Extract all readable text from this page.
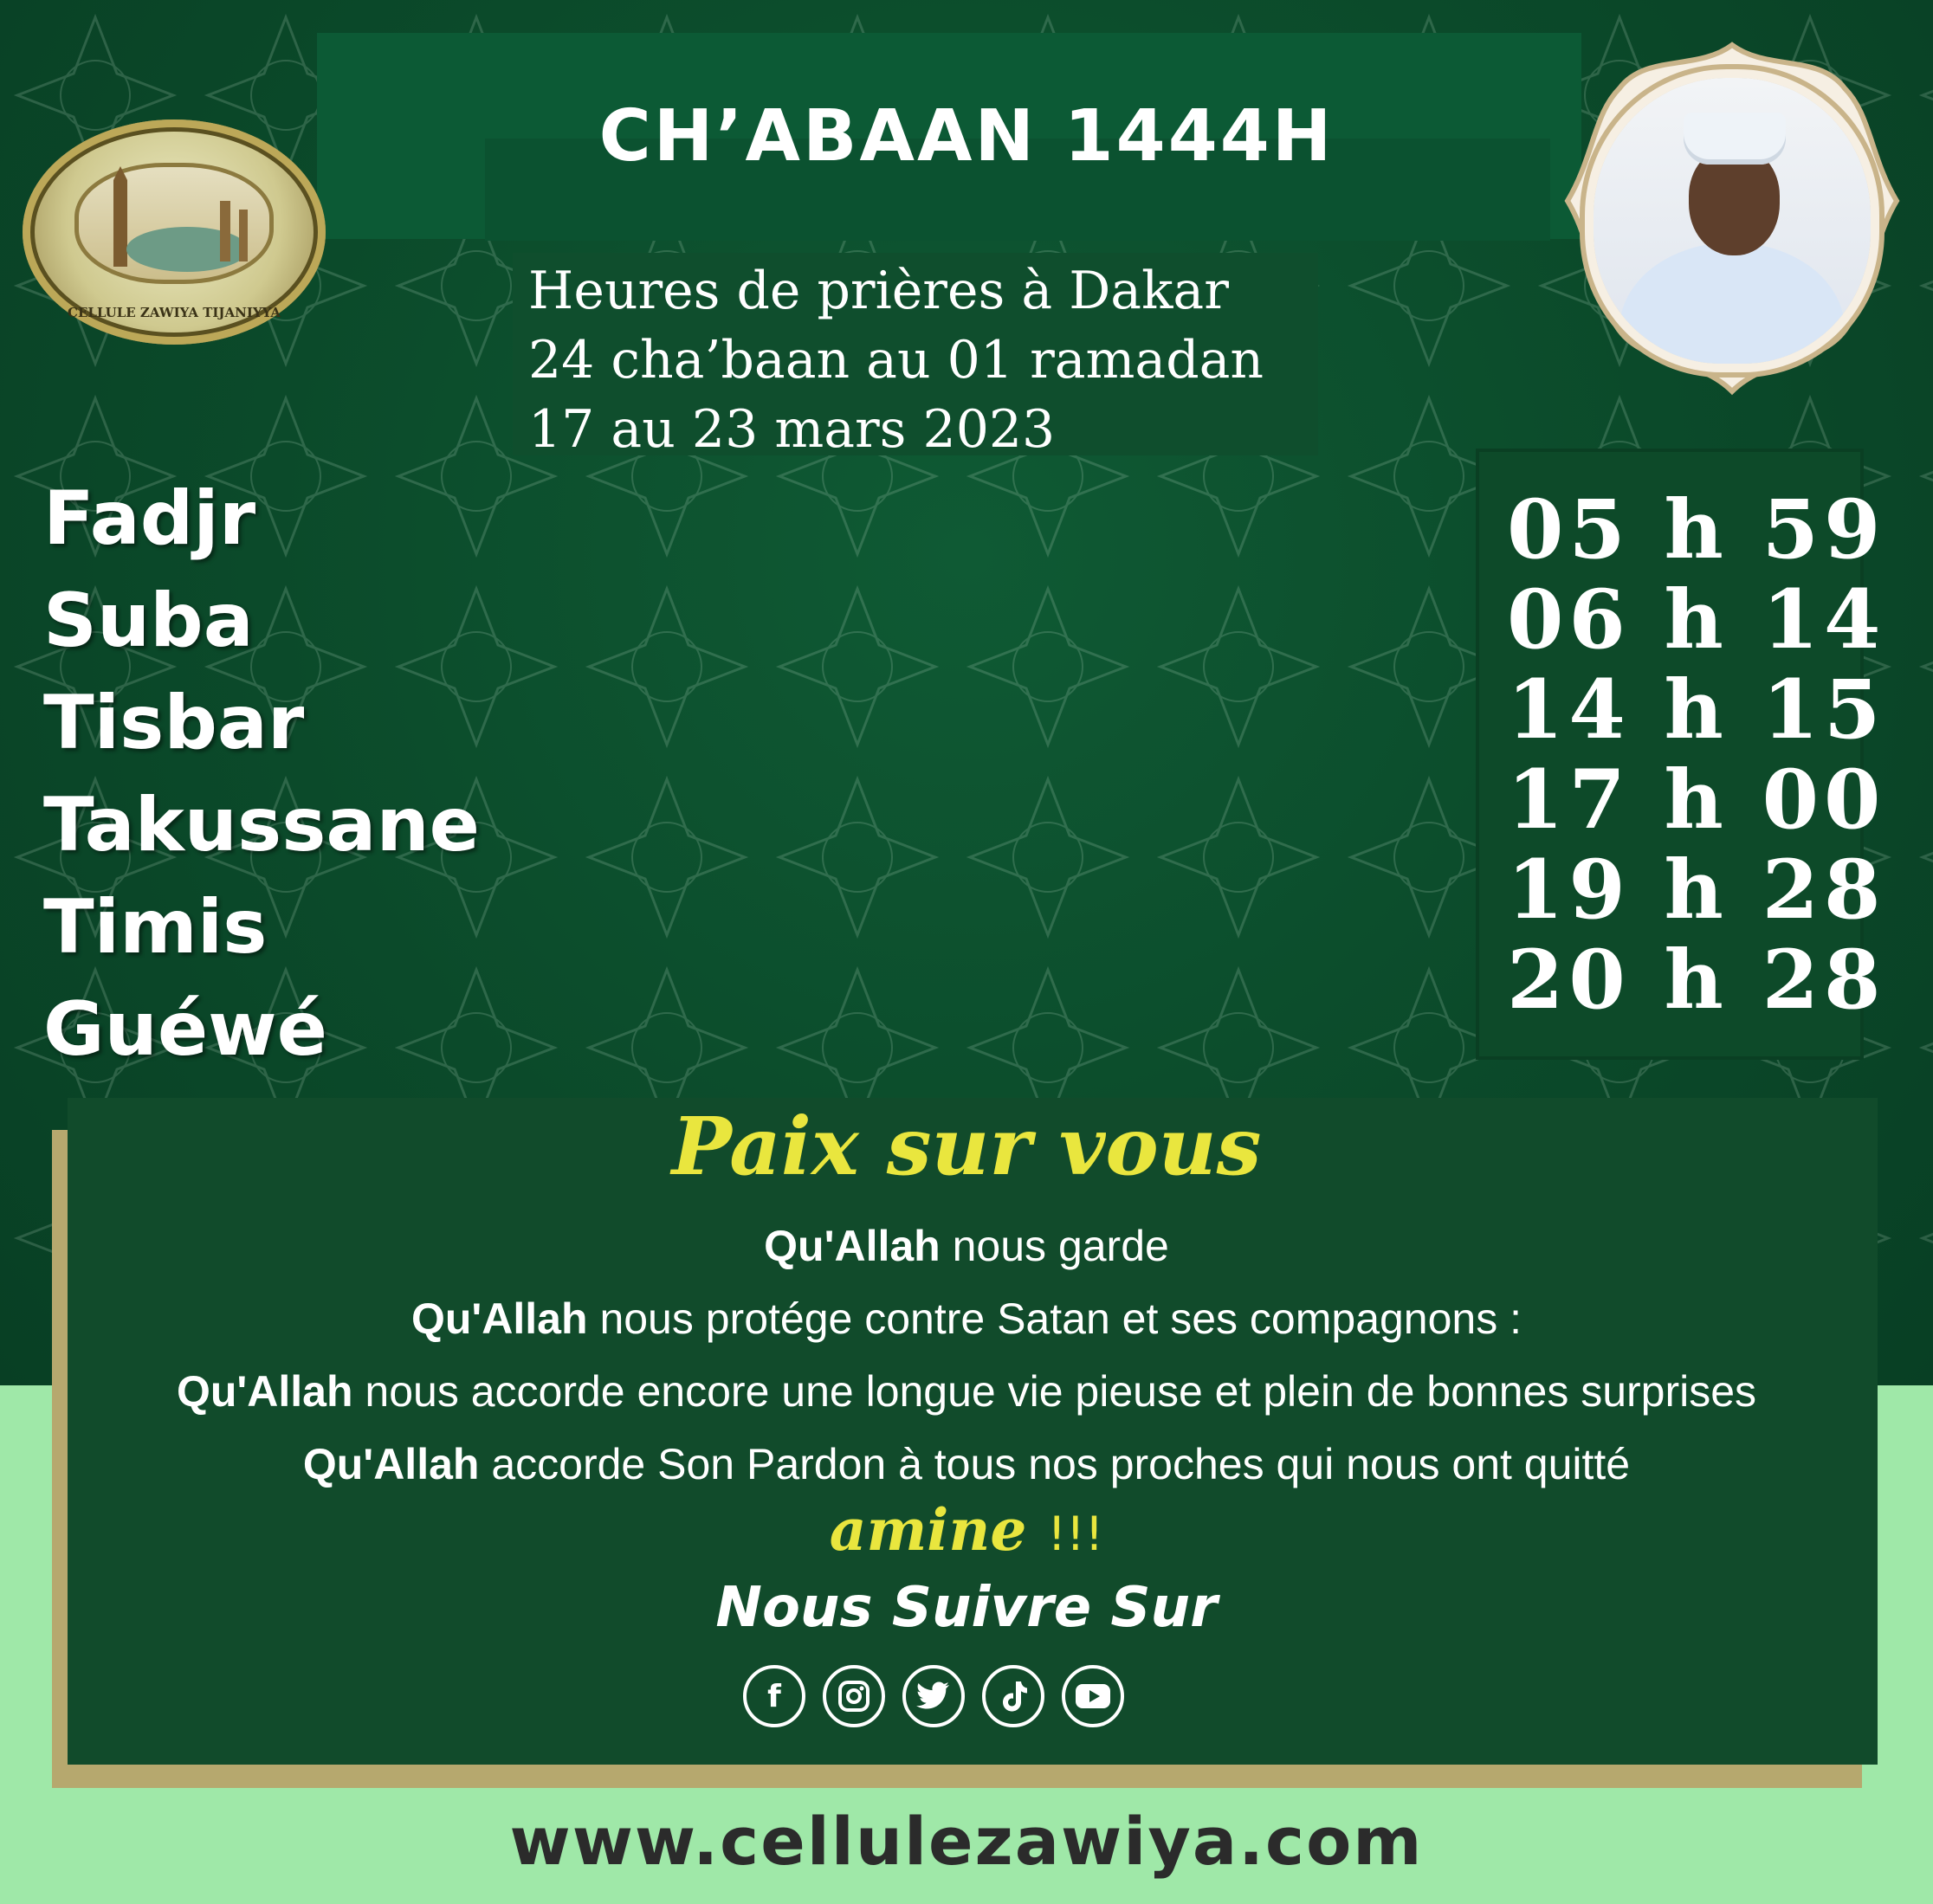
CH’ABAAN 1444H
CELLULE ZAWIYA TIJANIYYA	Heures de prières à Dakar
24 cha’baan au 01 ramadan
17 au 23 mars 2023
Fadjr
Suba
Tisbar
Takussane
Timis
Guéwé
05 h 59
06 h 14
14 h 15
17 h 00
19 h 28
20 h 28
Paix sur vous
Qu'Allah nous garde
Qu'Allah nous protége contre Satan et ses compagnons :
Qu'Allah nous accorde encore une longue vie pieuse et plein de bonnes surprises
Qu'Allah accorde Son Pardon à tous nos proches qui nous ont quitté
amine !!!
Nous Suivre Sur
f
www.cellulezawiya.com
